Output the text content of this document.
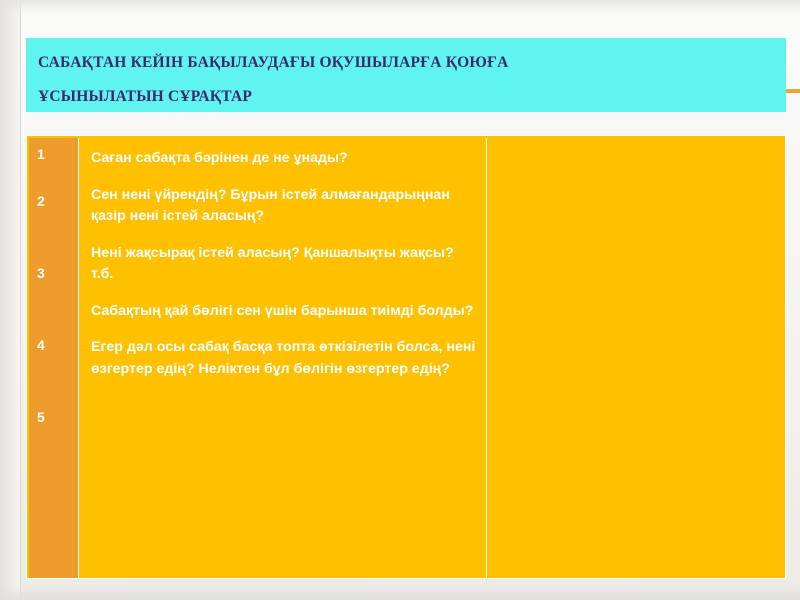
САБАҚТАН КЕЙІН БАҚЫЛАУДАҒЫ ОҚУШЫЛАРҒА ҚОЮҒА
ҰСЫНЫЛАТЫН СҰРАҚТАР
1
2
3
4
5

Саған сабақта бәрінен де не ұнады?

Сен нені үйрендің? Бұрын істей алмағандарыңнан қазір нені істей аласың?

Нені жақсырақ істей аласың? Қаншалықты жақсы? т.б.

Сабақтың қай бөлігі сен үшін барынша тиімді болды?

Егер дәл осы сабақ басқа топта өткізілетін болса, нені өзгертер едің? Неліктен бұл бөлігін өзгертер едің?
